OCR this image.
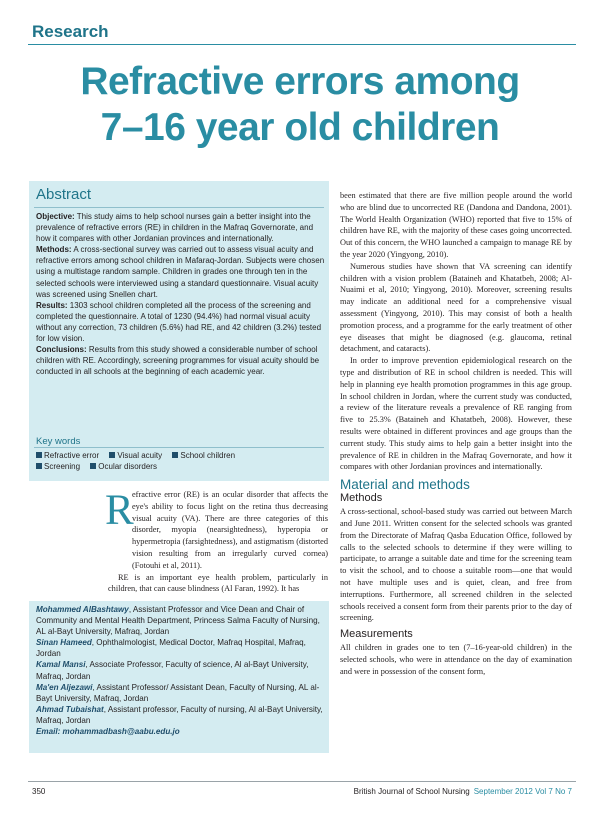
Research
Refractive errors among
7–16 year old children
Abstract

Objective: This study aims to help school nurses gain a better insight into the prevalence of refractive errors (RE) in children in the Mafraq Governorate, and how it compares with other Jordanian provinces and internationally.

Methods: A cross-sectional survey was carried out to assess visual acuity and refractive errors among school children in Mafaraq-Jordan. Subjects were chosen using a multistage random sample. Children in grades one through ten in the selected schools were interviewed using a standard questionnaire. Visual acuity was screened using Snellen chart.

Results: 1303 school children completed all the process of the screening and completed the questionnaire. A total of 1230 (94.4%) had normal visual acuity without any correction, 73 children (5.6%) had RE, and 42 children (3.2%) tested for low vision.

Conclusions: Results from this study showed a considerable number of school children with RE. Accordingly, screening programmes for visual acuity should be conducted in all schools at the beginning of each academic year.

Key words
Refractive error Visual acuity School children
Screening Ocular disorders
R

efractive error (RE) is an ocular disorder that affects the eye's ability to focus light on the retina thus decreasing visual acuity (VA). There are three categories of this disorder, myopia (nearsightedness), hyperopia or hypermetropia (farsightedness), and astigmatism (distorted vision resulting from an irregularly curved cornea) (Fotouhi et al, 2011).

RE is an important eye health problem, particularly in children, that can cause blindness (Al Faran, 1992). It has

Mohammed AlBashtawy, Assistant Professor and Vice Dean and Chair of Community and Mental Health Department, Princess Salma Faculty of Nursing, AL al-Bayt University, Mafraq, Jordan

Sinan Hameed, Ophthalmologist, Medical Doctor, Mafraq Hospital, Mafraq, Jordan

Kamal Mansi, Associate Professor, Faculty of science, Al al-Bayt University, Mafraq, Jordan

Ma'en Aljezawi, Assistant Professor/ Assistant Dean, Faculty of Nursing, AL al-Bayt University, Mafraq, Jordan

Ahmad Tubaishat, Assistant professor, Faculty of nursing, Al al-Bayt University, Mafraq, Jordan

Email: mohammadbash@aabu.edu.jo

been estimated that there are five million people around the world who are blind due to uncorrected RE (Dandona and Dandona, 2001). The World Health Organization (WHO) reported that five to 15% of children have RE, with the majority of these cases going uncorrected. Out of this concern, the WHO launched a campaign to manage RE by the year 2020 (Yingyong, 2010).

Numerous studies have shown that VA screening can identify children with a vision problem (Bataineh and Khatatbeh, 2008; Al-Nuaimi et al, 2010; Yingyong, 2010). Moreover, screening results may indicate an additional need for a comprehensive visual assessment (Yingyong, 2010). This may consist of both a health promotion process, and a programme for the early treatment of other eye diseases that might be diagnosed (e.g. glaucoma, retinal detachment, and cataracts).

In order to improve prevention epidemiological research on the type and distribution of RE in school children is needed. This will help in planning eye health promotion programmes in this age group. In school children in Jordan, where the current study was conducted, a review of the literature reveals a prevalence of RE ranging from five to 25.3% (Bataineh and Khatatbeh, 2008). However, these results were obtained in different provinces and age groups than the current study. This study aims to help gain a better insight into the prevalence of RE in children in the Mafraq Governorate, and how it compares with other Jordanian provinces and internationally.

Material and methods
Methods

A cross-sectional, school-based study was carried out between March and June 2011. Written consent for the selected schools was granted from the Directorate of Mafraq Qasba Education Office, followed by calls to the selected schools to determine if they were willing to participate, to arrange a suitable date and time for the screening team to visit the school, and to choose a suitable room—one that would not have multiple uses and is quiet, clean, and free from interruptions. Furthermore, all screened children in the selected schools received a consent form from their parents prior to the day of screening.

Measurements

All children in grades one to ten (7–16-year-old children) in the selected schools, who were in attendance on the day of examination and were in possession of the consent form,

350	British Journal of School Nursing September 2012 Vol 7 No 7
